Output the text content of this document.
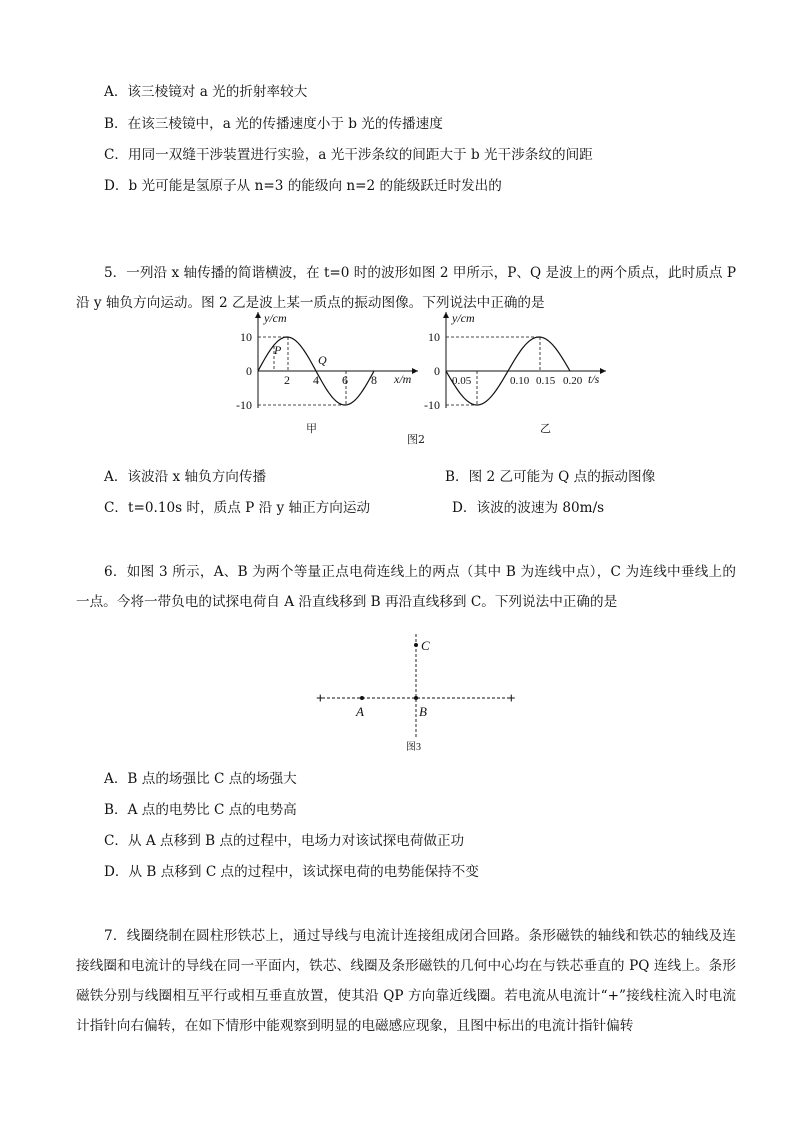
A．该三棱镜对 a 光的折射率较大
B．在该三棱镜中，a 光的传播速度小于 b 光的传播速度
C．用同一双缝干涉装置进行实验，a 光干涉条纹的间距大于 b 光干涉条纹的间距
D．b 光可能是氢原子从 n=3 的能级向 n=2 的能级跃迁时发出的
5．一列沿 x 轴传播的简谐横波，在 t=0 时的波形如图 2 甲所示，P、Q 是波上的两个质点，此时质点 P 沿 y 轴负方向运动。图 2 乙是波上某一质点的振动图像。下列说法中正确的是
y/cm
x/m
10
0
-10
2 4 6 8
P
Q
甲
y/cm
t/s
10
0
-10
0.05	0.10 0.15 0.20
乙
图2
A．该波沿 x 轴负方向传播	B．图 2 乙可能为 Q 点的振动图像
C．t=0.10s 时，质点 P 沿 y 轴正方向运动	D．该波的波速为 80m/s
6．如图 3 所示，A、B 为两个等量正点电荷连线上的两点（其中 B 为连线中点），C 为连线中垂线上的一点。今将一带负电的试探电荷自 A 沿直线移到 B 再沿直线移到 C。下列说法中正确的是
+	+
A	B
C
图3
A．B 点的场强比 C 点的场强大
B．A 点的电势比 C 点的电势高
C．从 A 点移到 B 点的过程中，电场力对该试探电荷做正功
D．从 B 点移到 C 点的过程中，该试探电荷的电势能保持不变
7．线圈绕制在圆柱形铁芯上，通过导线与电流计连接组成闭合回路。条形磁铁的轴线和铁芯的轴线及连接线圈和电流计的导线在同一平面内，铁芯、线圈及条形磁铁的几何中心均在与铁芯垂直的 PQ 连线上。条形磁铁分别与线圈相互平行或相互垂直放置，使其沿 QP 方向靠近线圈。若电流从电流计“+”接线柱流入时电流计指针向右偏转，在如下情形中能观察到明显的电磁感应现象，且图中标出的电流计指针偏转
